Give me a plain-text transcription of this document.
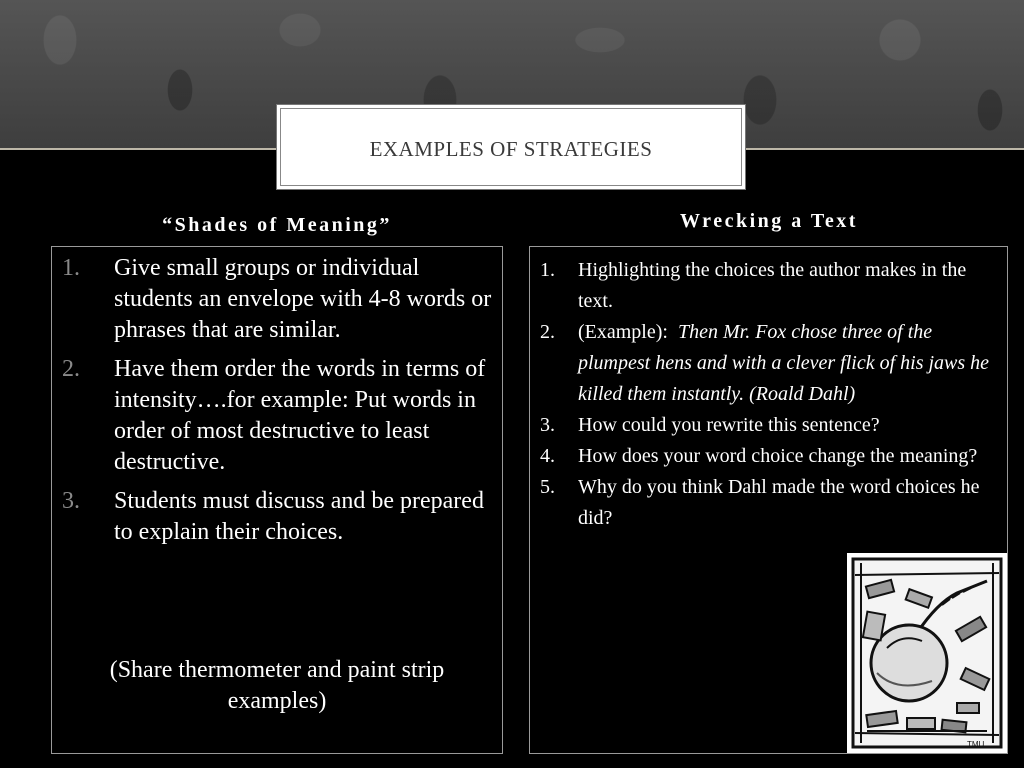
EXAMPLES OF STRATEGIES
“Shades of Meaning”	Wrecking a Text
1. Give small groups or individual students an envelope with 4-8 words or phrases that are similar.
2. Have them order the words in terms of intensity….for example: Put words in order of most destructive to least destructive.
3. Students must discuss and be prepared to explain their choices.
(Share thermometer and paint strip examples)
1. Highlighting the choices the author makes in the text.
2. (Example):  Then Mr. Fox chose three of the plumpest hens and with a clever flick of his jaws he killed them instantly. (Roald Dahl)
3. How could you rewrite this sentence?
4. How does your word choice change the meaning?
5. Why do you think Dahl made the word choices he did?
TMU
